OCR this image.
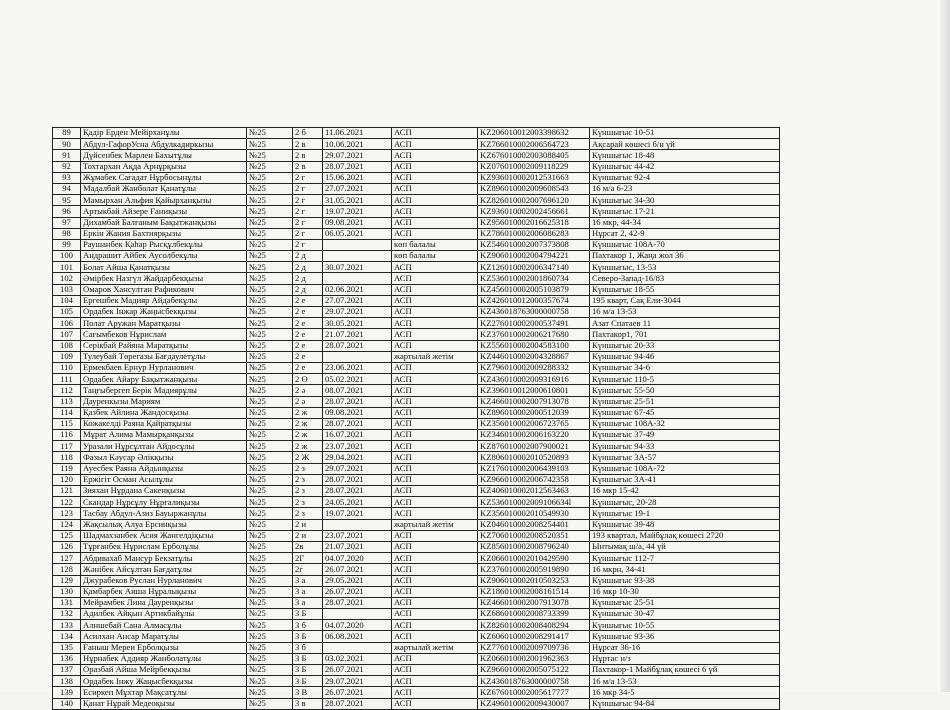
89	Қадір Ерден Мейірханұлы	№25	2 б	11.06.2021	АСП	KZ206010012003398632	Күншығыс 10-51
90	Абдул-ГафорУсна Абдулкадиркызы	№25	2 в	10.06.2021	АСП	KZ766010002006564723	Ақсарай көшесі б/н үй
91	Дүйсенбек Марлен Бахытұлы	№25	2 в	29.07.2021	АСП	KZ676010002003088405	Күншығыс 18-48
92	Тохтархан Ақда Арнұрқызы	№25	2 в	28.07.2021	АСП	KZ076010002009118229	Күншығыс 44-42
93	Жұмабек Сағадат Нұрбосынұлы	№25	2 г	15.06.2021	АСП	KZ936010002012531663	Күншығыс 92-4
94	Мадалбай Жанболат Қанатұлы	№25	2 г	27.07.2021	АСП	KZ896010002009608543	16 м/а 6-23
95	Мамырхан Альфия Қайырханқызы	№25	2 г	31.05.2021	АСП	KZ826010002007696120	Күншығыс 34-30
96	Артыкбай Айзере Ғаниқызы	№25	2 г	19.07.2021	АСП	KZ936010002002456661	Күншығыс 17-21
97	Дихамбай Балғаным Бақытжанқызы	№25	2 г	09.08.2021	АСП	KZ956010002016625318	16 мкр, 44-34
98	Еркін Жания Бахтиярқызы	№25	2 г	06.05.2021	АСП	KZ786010002006086283	Нұрсат 2, 42-9
99	Раушанбек Қаһар Рысқұлбекұлы	№25	2 г		көп балалы	KZ546010002007373808	Күншығыс 108А-70
100	Андрашит Айбек Аусолбекұлы	№25	2 д		көп балалы	KZ906010002004794221	Пахтакор 1, Жаңа жол 36
101	Болат Айша Қанатқызы	№25	2 д	30.07.2021	АСП	KZ126010002006347140	Күншығыс, 13-53
102	Әмірбек Назгүл Жайдарбекқызы	№25	2 д		АСП	KZ536010002001860734	Северо-Запад-16/83
103	Омаров Хансултан Рафикович	№25	2 д	02.06.2021	АСП	KZ456010002005103879	Күншығыс 18-55
104	Ергешбек Мадияр Айдабекұлы	№25	2 е	27.07.2021	АСП	KZ426010012000357674	195 кварт, Сақ Ели-3044
105	Ордабек Інжар Жаңысбекқызы	№25	2 е	29.07.2021	АСП	KZ436018763000000758	16 м/а 13-53
106	Полат Аружан Маратқызы	№25	2 е	30.05.2021	АСП	KZ276010002000537491	Азат Спатаев 11
107	Сағымбеков Нұрислам	№25	2 е	21.07.2021	АСП	KZ376010002006217680	Пахтакор1, 701
108	Серікбай Райяна Маратқызы	№25	2 е	28.07.2021	АСП	KZ556010002004583100	Күншығыс 20-33
109	Тулеубай Төрегазы Бағдаулетұлы	№25	2 е		жартылай жетім	KZ446010002004328867	Күншығыс 94-46
110	Ермекбаев Ернур Нурланович	№25	2 е	23.06.2021	АСП	KZ796010002009288332	Күншығыс 34-6
111	Ордабек Айару Бақытжанқызы	№25	2 Ө	05.02.2021	АСП	KZ436010002009316916	Күншығыс 110-5
112	Таңғыбергеп Берік Мадиярұлы	№25	2 ә	08.07.2021	АСП	KZ396010012000610801	Күншығыс 55-50
113	Дауренкызы Мариям	№25	2 ә	28.07.2021	АСП	KZ466010002007913078	Күншығыс 25-51
114	Қазбек Айлина Жандосқызы	№25	2 ж	09.08.2021	АСП	KZ896010002000512039	Күншығыс 67-45
115	Кожакелді Раяна Қайратқызы	№25	2 ж	28.07.2021	АСП	KZ356010002006723765	Күншығыс 108А-32
116	Мұрат Алима Мамырқанқызы	№25	2 ж	16.07.2021	АСП	KZ346010002006163220	Күншығыс 37-49
117	Уразали Нұрсұлтан Айдосұлы	№25	2 ж	23.07.2021	АСП	KZ876010002007900021	Күншығыс 94-33
118	Фазыл Кәусар Әлікқызы	№25	2 Ж	29.04.2021	АСП	KZ806010002010520893	Күншығыс 3А-57
119	Ауесбек Раяна Айдынқызы	№25	2 з	29.07.2021	АСП	KZ176010002006439103	Күншығыс 108А-72
120	Ержігіт Осман Асылұлы	№25	2 з	28.07.2021	АСП	KZ966010002006742358	Күншығыс 3А-41
121	Зияхан Нұрдана Сакенқызы	№25	2 з	28.07.2021	АСП	KZ406010002012563463	16 мкр 15-42
122	Скандар Нұрсұлу Нұрғалиқызы	№25	2 з	24.05.2021	АСП	KZ536010002009106634l	Күншығыс, 20-28
123	Тасбау Абдул-Азиз Бауыржанұлы	№25	2 з	19.07.2021	АСП	KZ356010002010549930	Күншығыс 19-1
124	Жақсылық Алуа Ерсинқызы	№25	2 и		жартылай жетім	KZ046010002008254401	Күншығыс 39-48
125	Шадмахзанбек Асия Жангелдіқызы	№25	2 и	23.07.2021	АСП	KZ706010002008520351	193 квартал, Майбұлақ көшесі 2720
126	Тұрғанбек Нұрислам Ерболұлы	№25	2в	21.07.2021	АСП	KZ856010002008796240	Ынтымақ ш/а, 44 үй
127	Абдивахаб Мансур Бекзатұлы	№25	2Г	04.07.2020	АСП	KZ066010002010429590	Күншығыс 112-7
128	Жәнібек Айсұлтан Бағдатұлы	№25	2г	26.07.2021	АСП	KZ376010002005919890	16 мкрн, 34-41
129	Джурабеков Руслан Нурланович	№25	3 а	29.05.2021	АСП	KZ906010002010503253	Күншығыс 93-38
130	Қамбарбек Аиша Нұралықызы	№25	3 а	26.07.2021	АСП	KZ186010002008161514	16 мкр 10-30
131	Мейрамбек Лина Дауренқызы	№25	3 а	28.07.2021	АСП	KZ466010002007913078	Күншығыс 25-51
132	Адилбек Айқын Артикбайұлы	№25	3 Б		АСП	KZ686010002008733399	Күншығыс 30-47
133	Алншебай Сана Алмасұлы	№25	3 б	04.07.2020	АСП	KZ826010002008408294	Күншығыс 10-55
134	Асилхан Ансар Маратұлы	№25	3 Б	06.08.2021	АСП	KZ606010002008291417	Күншығыс 93-36
135	Ғаныш Мереи Ерболқызы	№25	3 б		жартылай жетім	KZ776010002009709736	Нұрсат 36-16
136	Нұрнабек Аддияр Жанболатұлы	№25	3 Б	03.02.2021	АСП	KZ066010002001962363	Нұртас н/з
137	Оразбай Айша Мейрбекқызы	№25	3 Б	26.07.2021	АСП	KZ966010002005075122	Пахтакор-1 Майбұлақ көшесі 6 үй
138	Ордабек Інжу Жаңысбекқызы	№25	3 Б	29.07.2021	АСП	KZ436018763000000758	16 м/а 13-53
139	Есиркеп Мұхтар Мақсатұлы	№25	3 В	26.07.2021	АСП	KZ676010002005617777	16 мкр 34-5
140	Қанат Нұрай Медеоқызы	№25	3 в	28.07.2021	АСП	KZ496010002009430007	Күншығыс 94-84
